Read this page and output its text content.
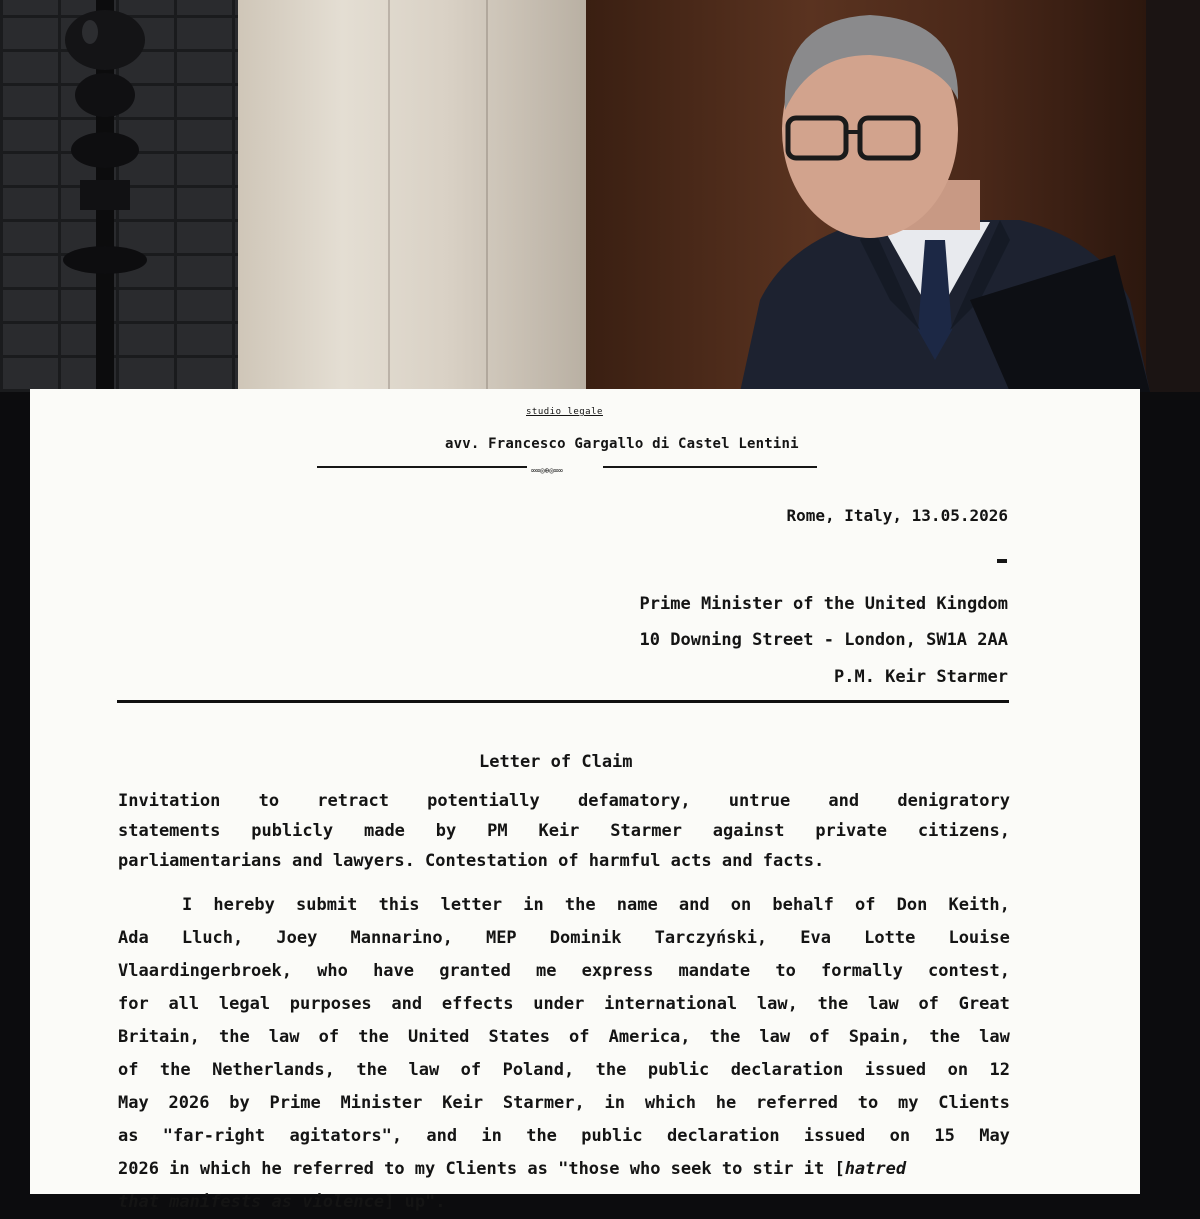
studio legale
avv. Francesco Gargallo di Castel Lentini
∞∞◎⊕◎∞∞
Rome, Italy, 13.05.2026
Prime Minister of the United Kingdom
10 Downing Street - London, SW1A 2AA
P.M. Keir Starmer
Letter of Claim
Invitation to retract potentially defamatory, untrue and denigratory
statements publicly made by PM Keir Starmer against private citizens,
parliamentarians and lawyers. Contestation of harmful acts and facts.
I hereby submit this letter in the name and on behalf of Don Keith,
Ada Lluch, Joey Mannarino, MEP Dominik Tarczyński, Eva Lotte Louise
Vlaardingerbroek, who have granted me express mandate to formally contest,
for all legal purposes and effects under international law, the law of Great
Britain, the law of the United States of America, the law of Spain, the law
of the Netherlands, the law of Poland, the public declaration issued on 12
May 2026 by Prime Minister Keir Starmer, in which he referred to my Clients
as "far-right agitators", and in the public declaration issued on 15 May
2026 in which he referred to my Clients as "those who seek to stir it [hatred
that manifests as violence] up".
